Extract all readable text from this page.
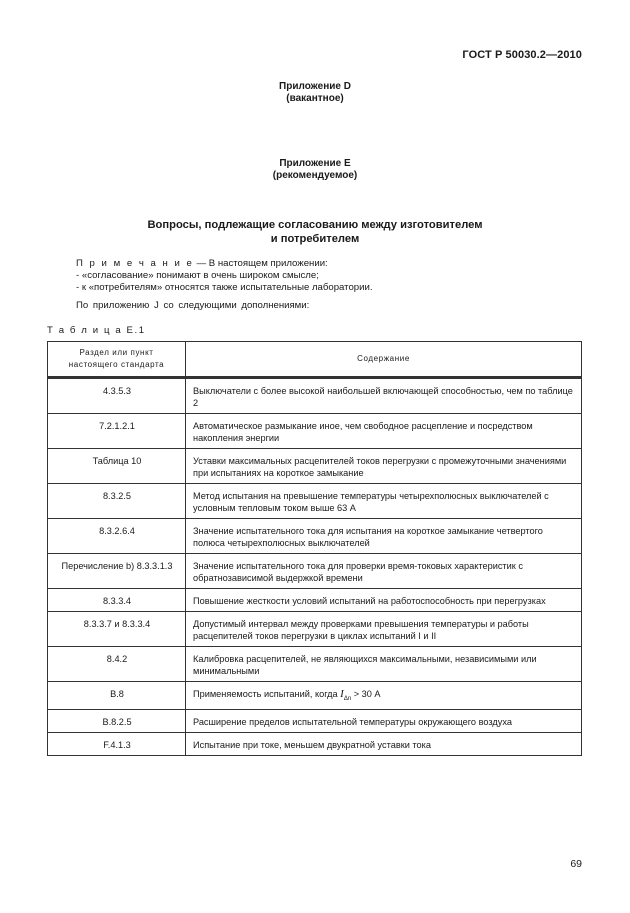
ГОСТ Р 50030.2—2010
Приложение D
(вакантное)
Приложение Е
(рекомендуемое)
Вопросы, подлежащие согласованию между изготовителем
и потребителем
П р и м е ч а н и е — В настоящем приложении:
- «согласование» понимают в очень широком смысле;
- к «потребителям» относятся также испытательные лаборатории.
По приложению J со следующими дополнениями:
Т а б л и ц а Е.1
Раздел или пункт настоящего стандарта	Содержание

4.3.5.3	Выключатели с более высокой наибольшей включающей способностью, чем по таблице 2
7.2.1.2.1	Автоматическое размыкание иное, чем свободное расцепление и посредством накопления энергии
Таблица 10	Уставки максимальных расцепителей токов перегрузки с промежуточными значениями при испытаниях на короткое замыкание
8.3.2.5	Метод испытания на превышение температуры четырехполюсных выключателей с условным тепловым током выше 63 А
8.3.2.6.4	Значение испытательного тока для испытания на короткое замыкание четвертого полюса четырехполюсных выключателей
Перечисление b) 8.3.3.1.3	Значение испытательного тока для проверки время-токовых характеристик с обратнозависимой выдержкой времени
8.3.3.4	Повышение жесткости условий испытаний на работоспособность при перегрузках
8.3.3.7 и 8.3.3.4	Допустимый интервал между проверками превышения температуры и работы расцепителей токов перегрузки в циклах испытаний I и II
8.4.2	Калибровка расцепителей, не являющихся максимальными, независимыми или минимальными
В.8	Применяемость испытаний, когда $I_{\Delta n} > 30$ А
В.8.2.5	Расширение пределов испытательной температуры окружающего воздуха
F.4.1.3	Испытание при токе, меньшем двукратной уставки тока
69
